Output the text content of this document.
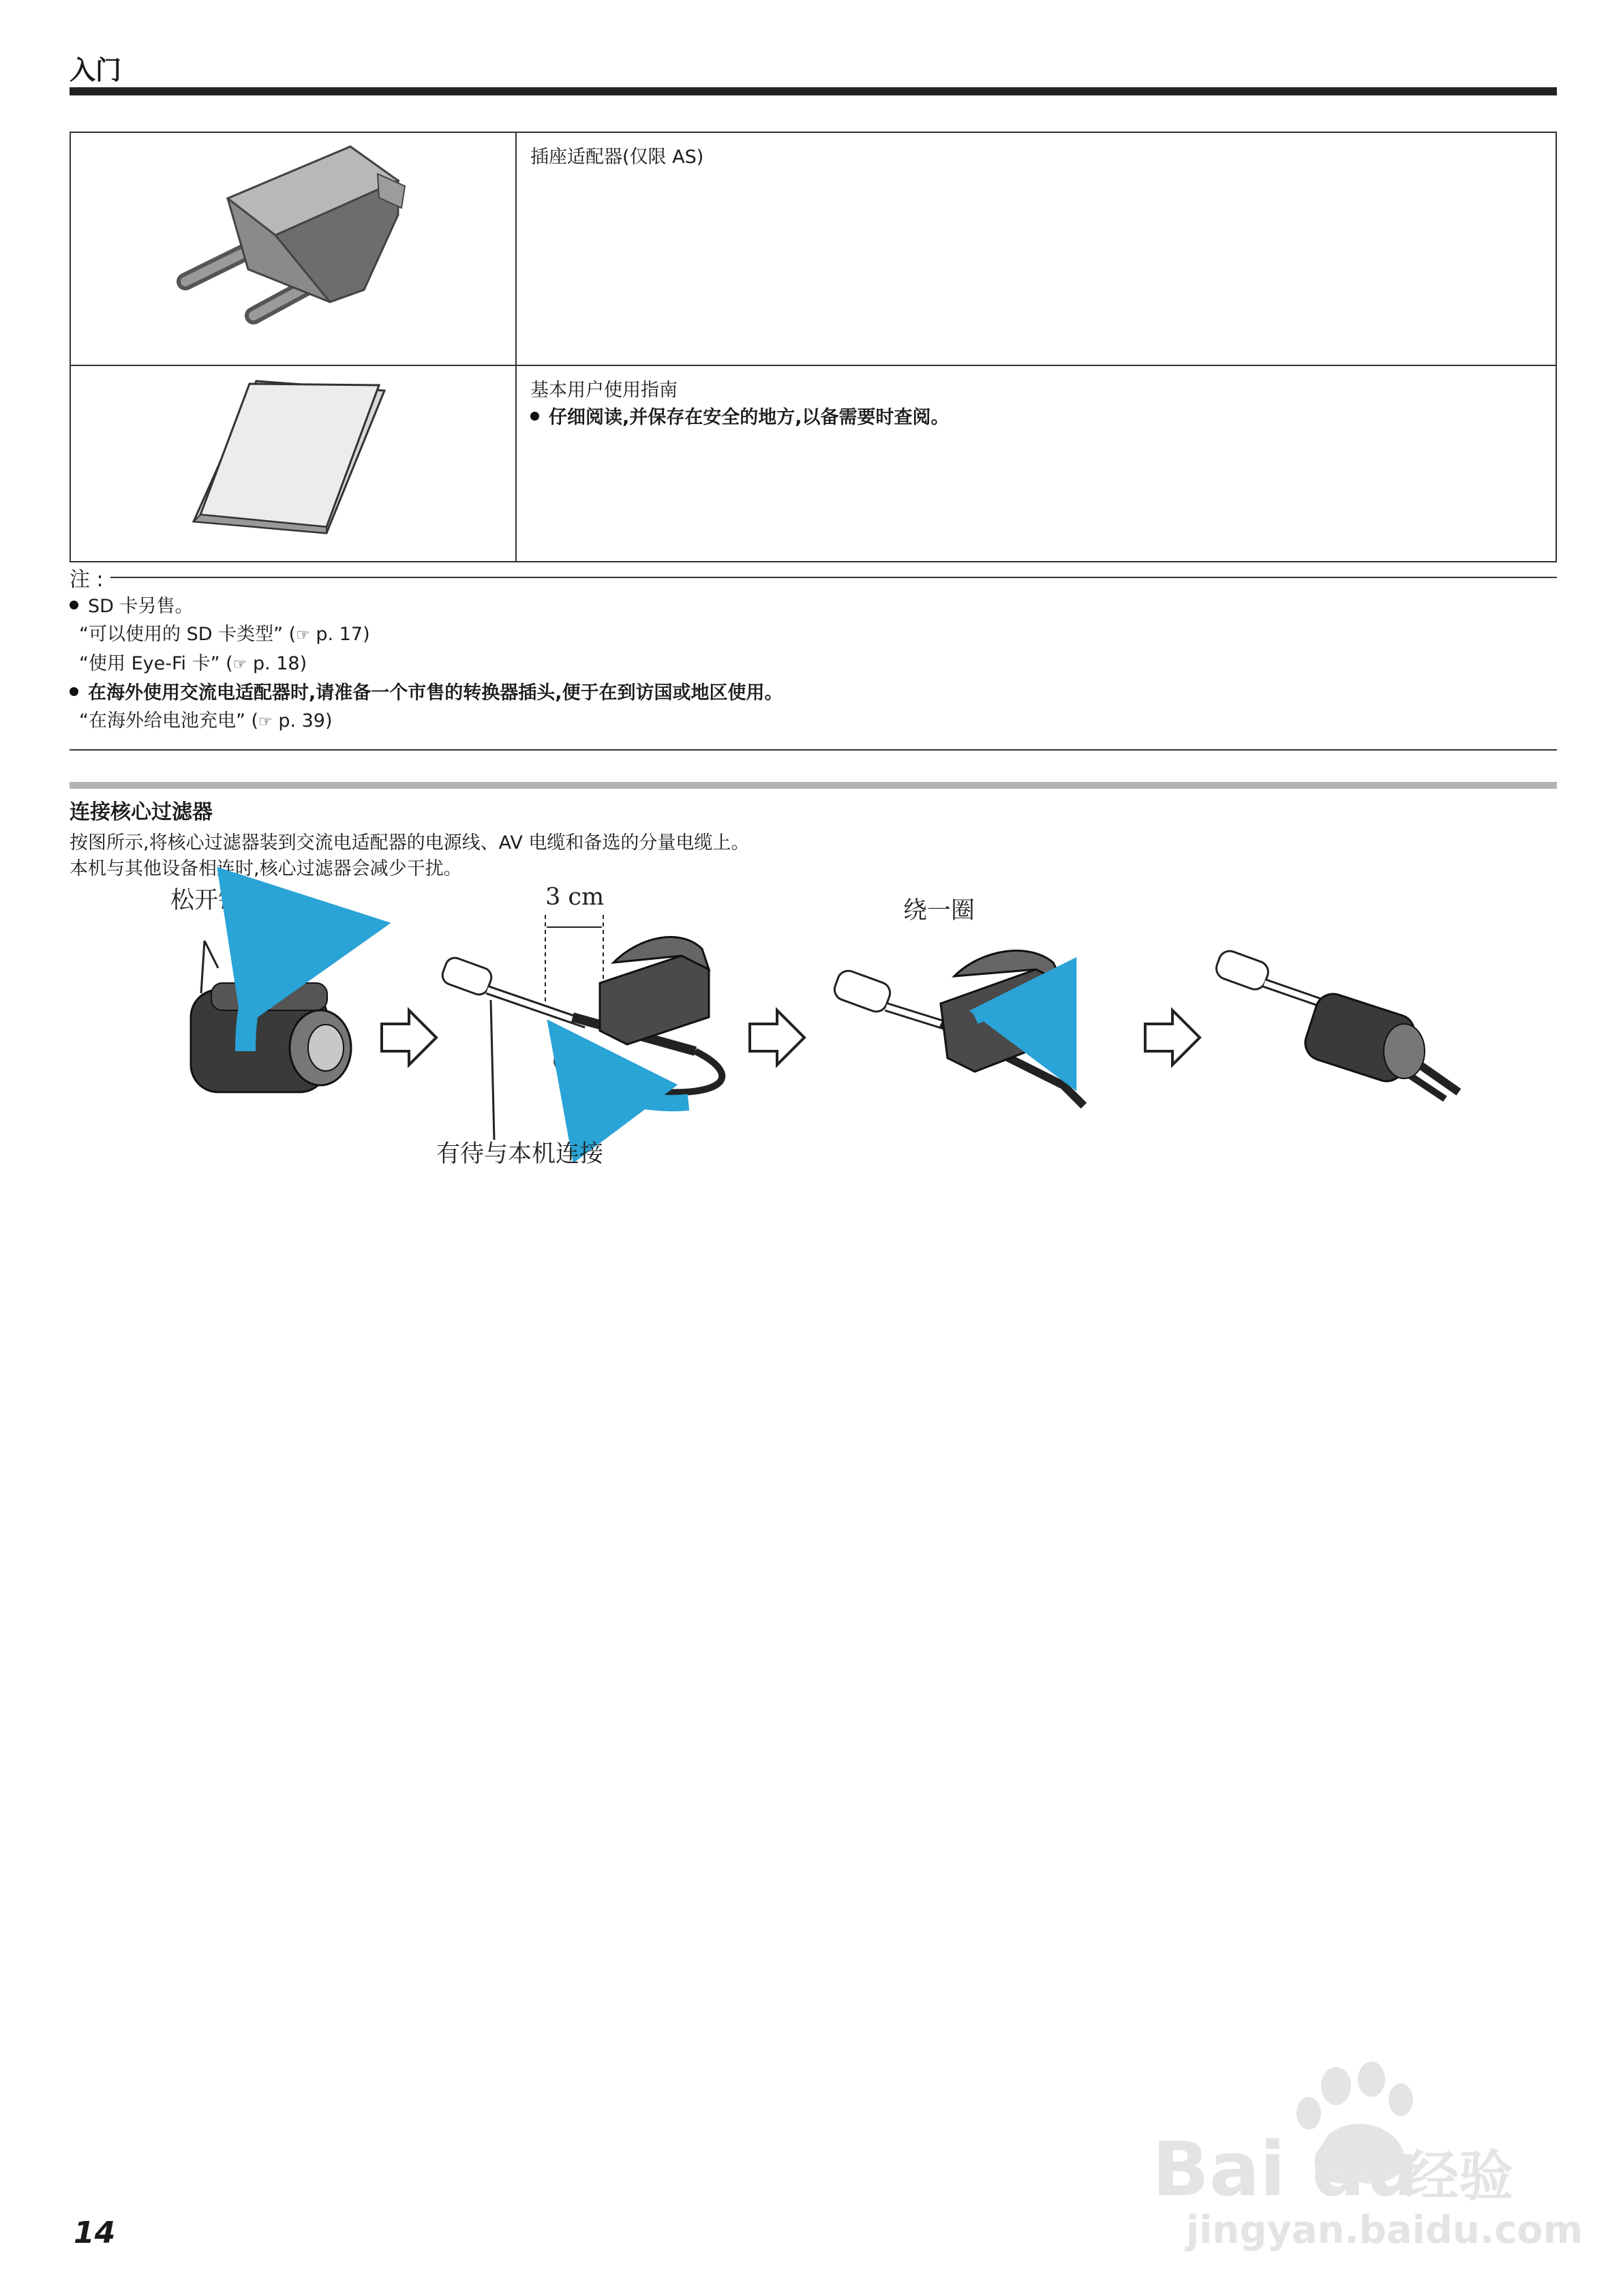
入门

插座适配器(仅限 AS)

基本用户使用指南
仔细阅读,并保存在安全的地方,以备需要时查阅。
注 :
SD 卡另售。
“可以使用的 SD 卡类型” (☞ p. 17)
“使用 Eye-Fi 卡” (☞ p. 18)
在海外使用交流电适配器时,请准备一个市售的转换器插头,便于在到访国或地区使用。
“在海外给电池充电” (☞ p. 39)
连接核心过滤器
按图所示,将核心过滤器装到交流电适配器的电源线、AV 电缆和备选的分量电缆上。
本机与其他设备相连时,核心过滤器会减少干扰。
松开锁扣	3 cm
有待与本机连接
绕一圈
14
Bai du
经验
jingyan.baidu.com
